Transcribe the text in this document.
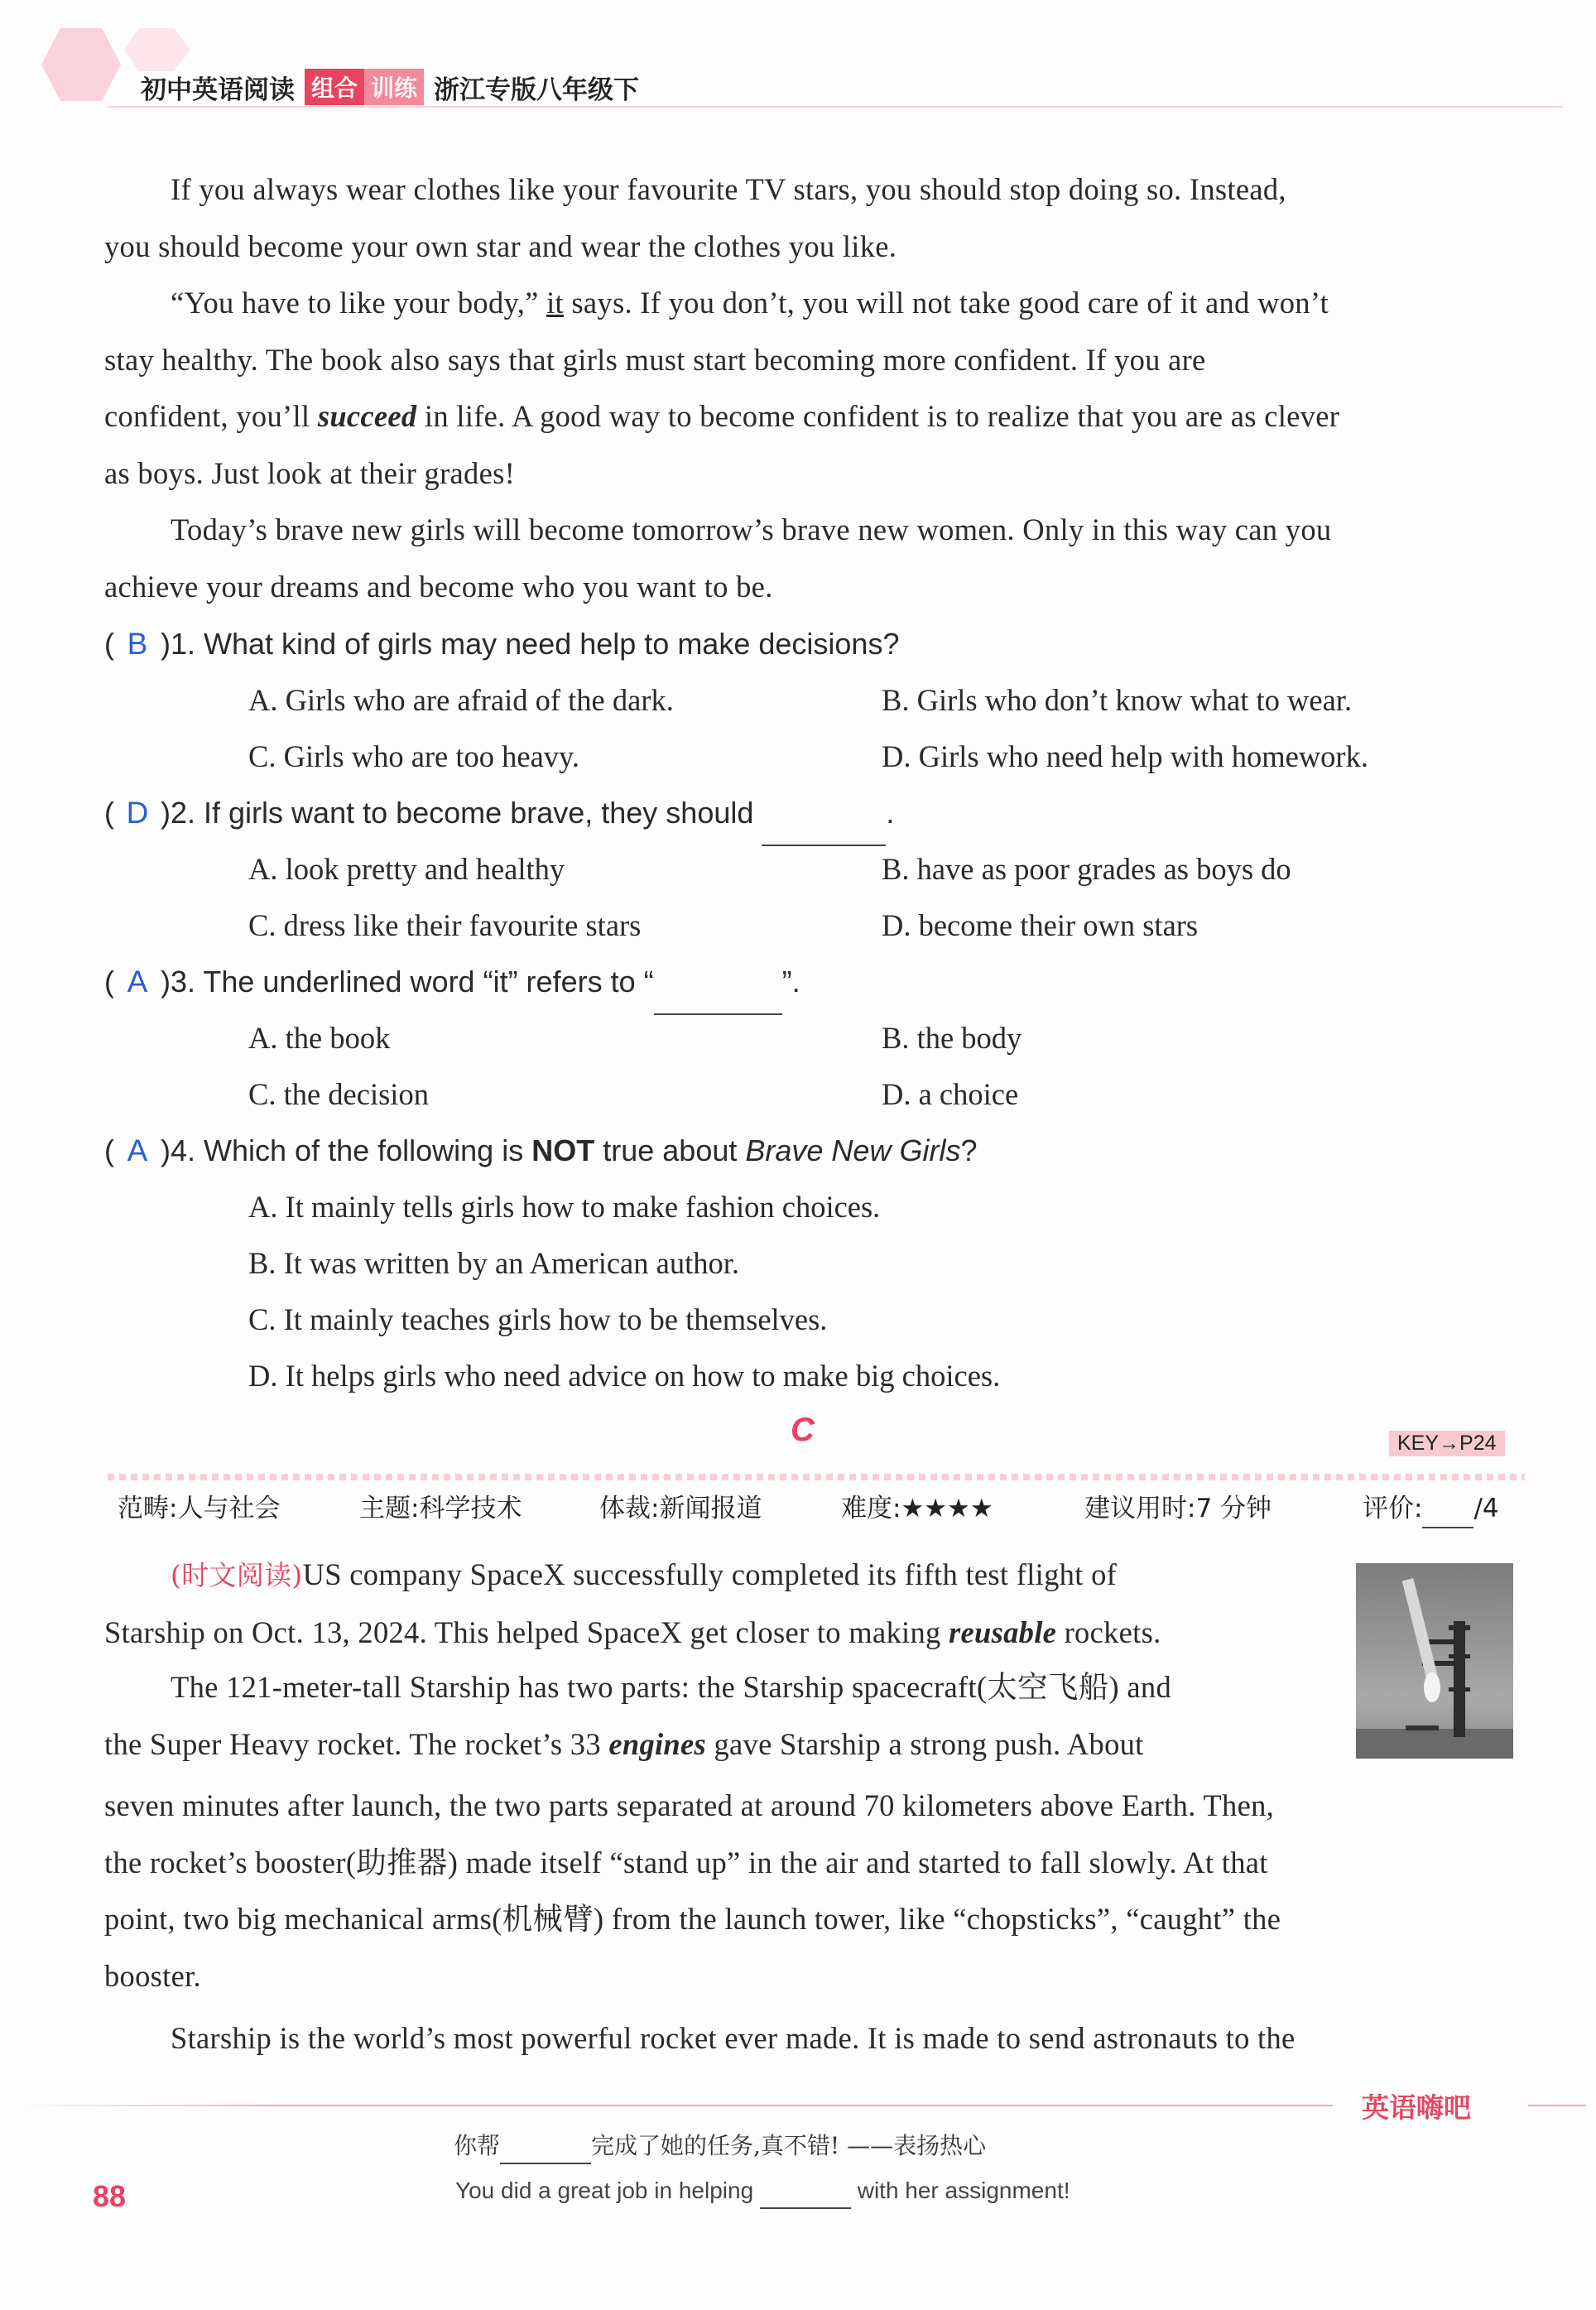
初中英语阅读 组合 训练 浙江专版八年级下
If you always wear clothes like your favourite TV stars, you should stop doing so. Instead,
you should become your own star and wear the clothes you like.
“You have to like your body,” it says. If you don’t, you will not take good care of it and won’t
stay healthy. The book also says that girls must start becoming more confident. If you are
confident, you’ll succeed in life. A good way to become confident is to realize that you are as clever
as boys. Just look at their grades!
Today’s brave new girls will become tomorrow’s brave new women. Only in this way can you
achieve your dreams and become who you want to be.
( B )1. What kind of girls may need help to make decisions?
A. Girls who are afraid of the dark.	B. Girls who don’t know what to wear.
C. Girls who are too heavy.	D. Girls who need help with homework.
( D )2. If girls want to become brave, they should	.
A. look pretty and healthy	B. have as poor grades as boys do
C. dress like their favourite stars	D. become their own stars
( A )3. The underlined word “it” refers to “	”.
A. the book	B. the body
C. the decision	D. a choice
( A )4. Which of the following is NOT true about Brave New Girls?
A. It mainly tells girls how to make fashion choices.
B. It was written by an American author.
C. It mainly teaches girls how to be themselves.
D. It helps girls who need advice on how to make big choices.
C	KEY→P24
范畴:人与社会	主题:科学技术	体裁:新闻报道	难度:★★★★	建议用时:7 分钟	评价: /4
(时文阅读)US company SpaceX successfully completed its fifth test flight of
Starship on Oct. 13, 2024. This helped SpaceX get closer to making reusable rockets.
The 121-meter-tall Starship has two parts: the Starship spacecraft(太空飞船) and
the Super Heavy rocket. The rocket’s 33 engines gave Starship a strong push. About
seven minutes after launch, the two parts separated at around 70 kilometers above Earth. Then,
the rocket’s booster(助推器) made itself “stand up” in the air and started to fall slowly. At that
point, two big mechanical arms(机械臂) from the launch tower, like “chopsticks”, “caught” the
booster.
Starship is the world’s most powerful rocket ever made. It is made to send astronauts to the
英语嗨吧
你帮	完成了她的任务,真不错! ——表扬热心
You did a great job in helping	with her assignment!
88
